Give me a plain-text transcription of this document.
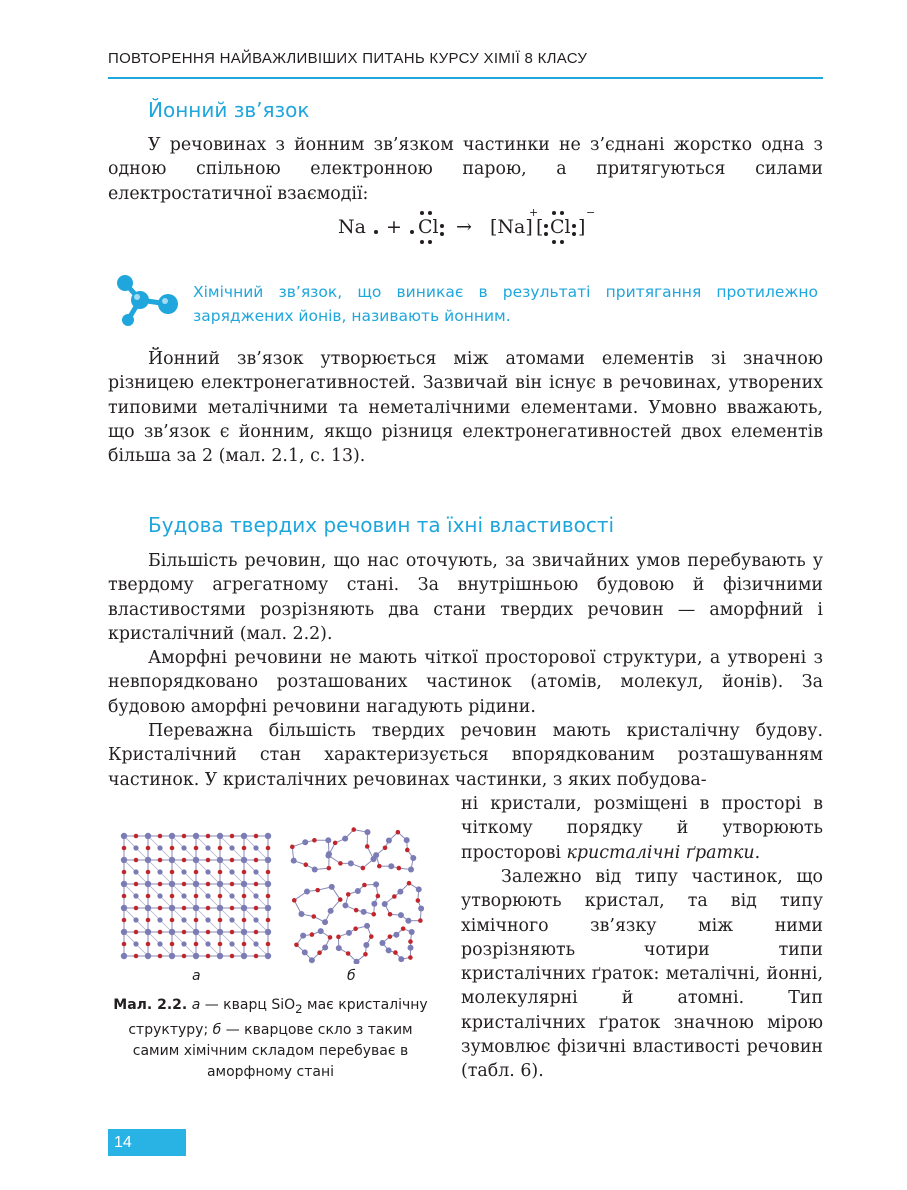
ПОВТОРЕННЯ НАЙВАЖЛИВІШИХ ПИТАНЬ КУРСУ ХІМІЇ 8 КЛАСУ
Йонний зв’язок

У речовинах з йонним зв’язком частинки не з’єднані жорстко одна з одною спільною електронною парою, а притягуються силами електростатичної взаємодії:

Na + Cl → [Na]
+
[ Cl ]
−
Хімічний зв’язок, що виникає в результаті притягання протилежно заряджених йонів, називають йонним.

Йонний зв’язок утворюється між атомами елементів зі значною різницею електронегативностей. Зазвичай він існує в речовинах, утворених типовими металічними та неметалічними елементами. Умовно вважають, що зв’язок є йонним, якщо різниця електронегативностей двох елементів більша за 2 (мал. 2.1, с. 13).

Будова твердих речовин та їхні властивості

Більшість речовин, що нас оточують, за звичайних умов перебувають у твердому агрегатному стані. За внутрішньою будовою й фізичними властивостями розрізняють два стани твердих речовин — аморфний і кристалічний (мал. 2.2).

Аморфні речовини не мають чіткої просторової структури, а утворені з невпорядковано розташованих частинок (атомів, молекул, йонів). За будовою аморфні речовини нагадують рідини.

Переважна більшість твердих речовин мають кристалічну будову. Кристалічний стан характеризується впорядкованим розташуванням частинок. У кристалічних речовинах частинки, з яких побудова-

ні кристали, розміщені в просторі в чіткому порядку й утворюють просторові кристалічні ґратки.

Залежно від типу частинок, що утворюють кристал, та від типу хімічного зв’язку між ними розрізняють чотири типи кристалічних ґраток: металічні, йонні, молекулярні й атомні. Тип кристалічних ґраток значною мірою зумовлює фізичні властивості речовин (табл. 6).

а	б
Мал. 2.2. а — кварц SiO$_2$ має кристалічну структуру; б — кварцове скло з таким самим хімічним складом перебуває в аморфному стані
14
